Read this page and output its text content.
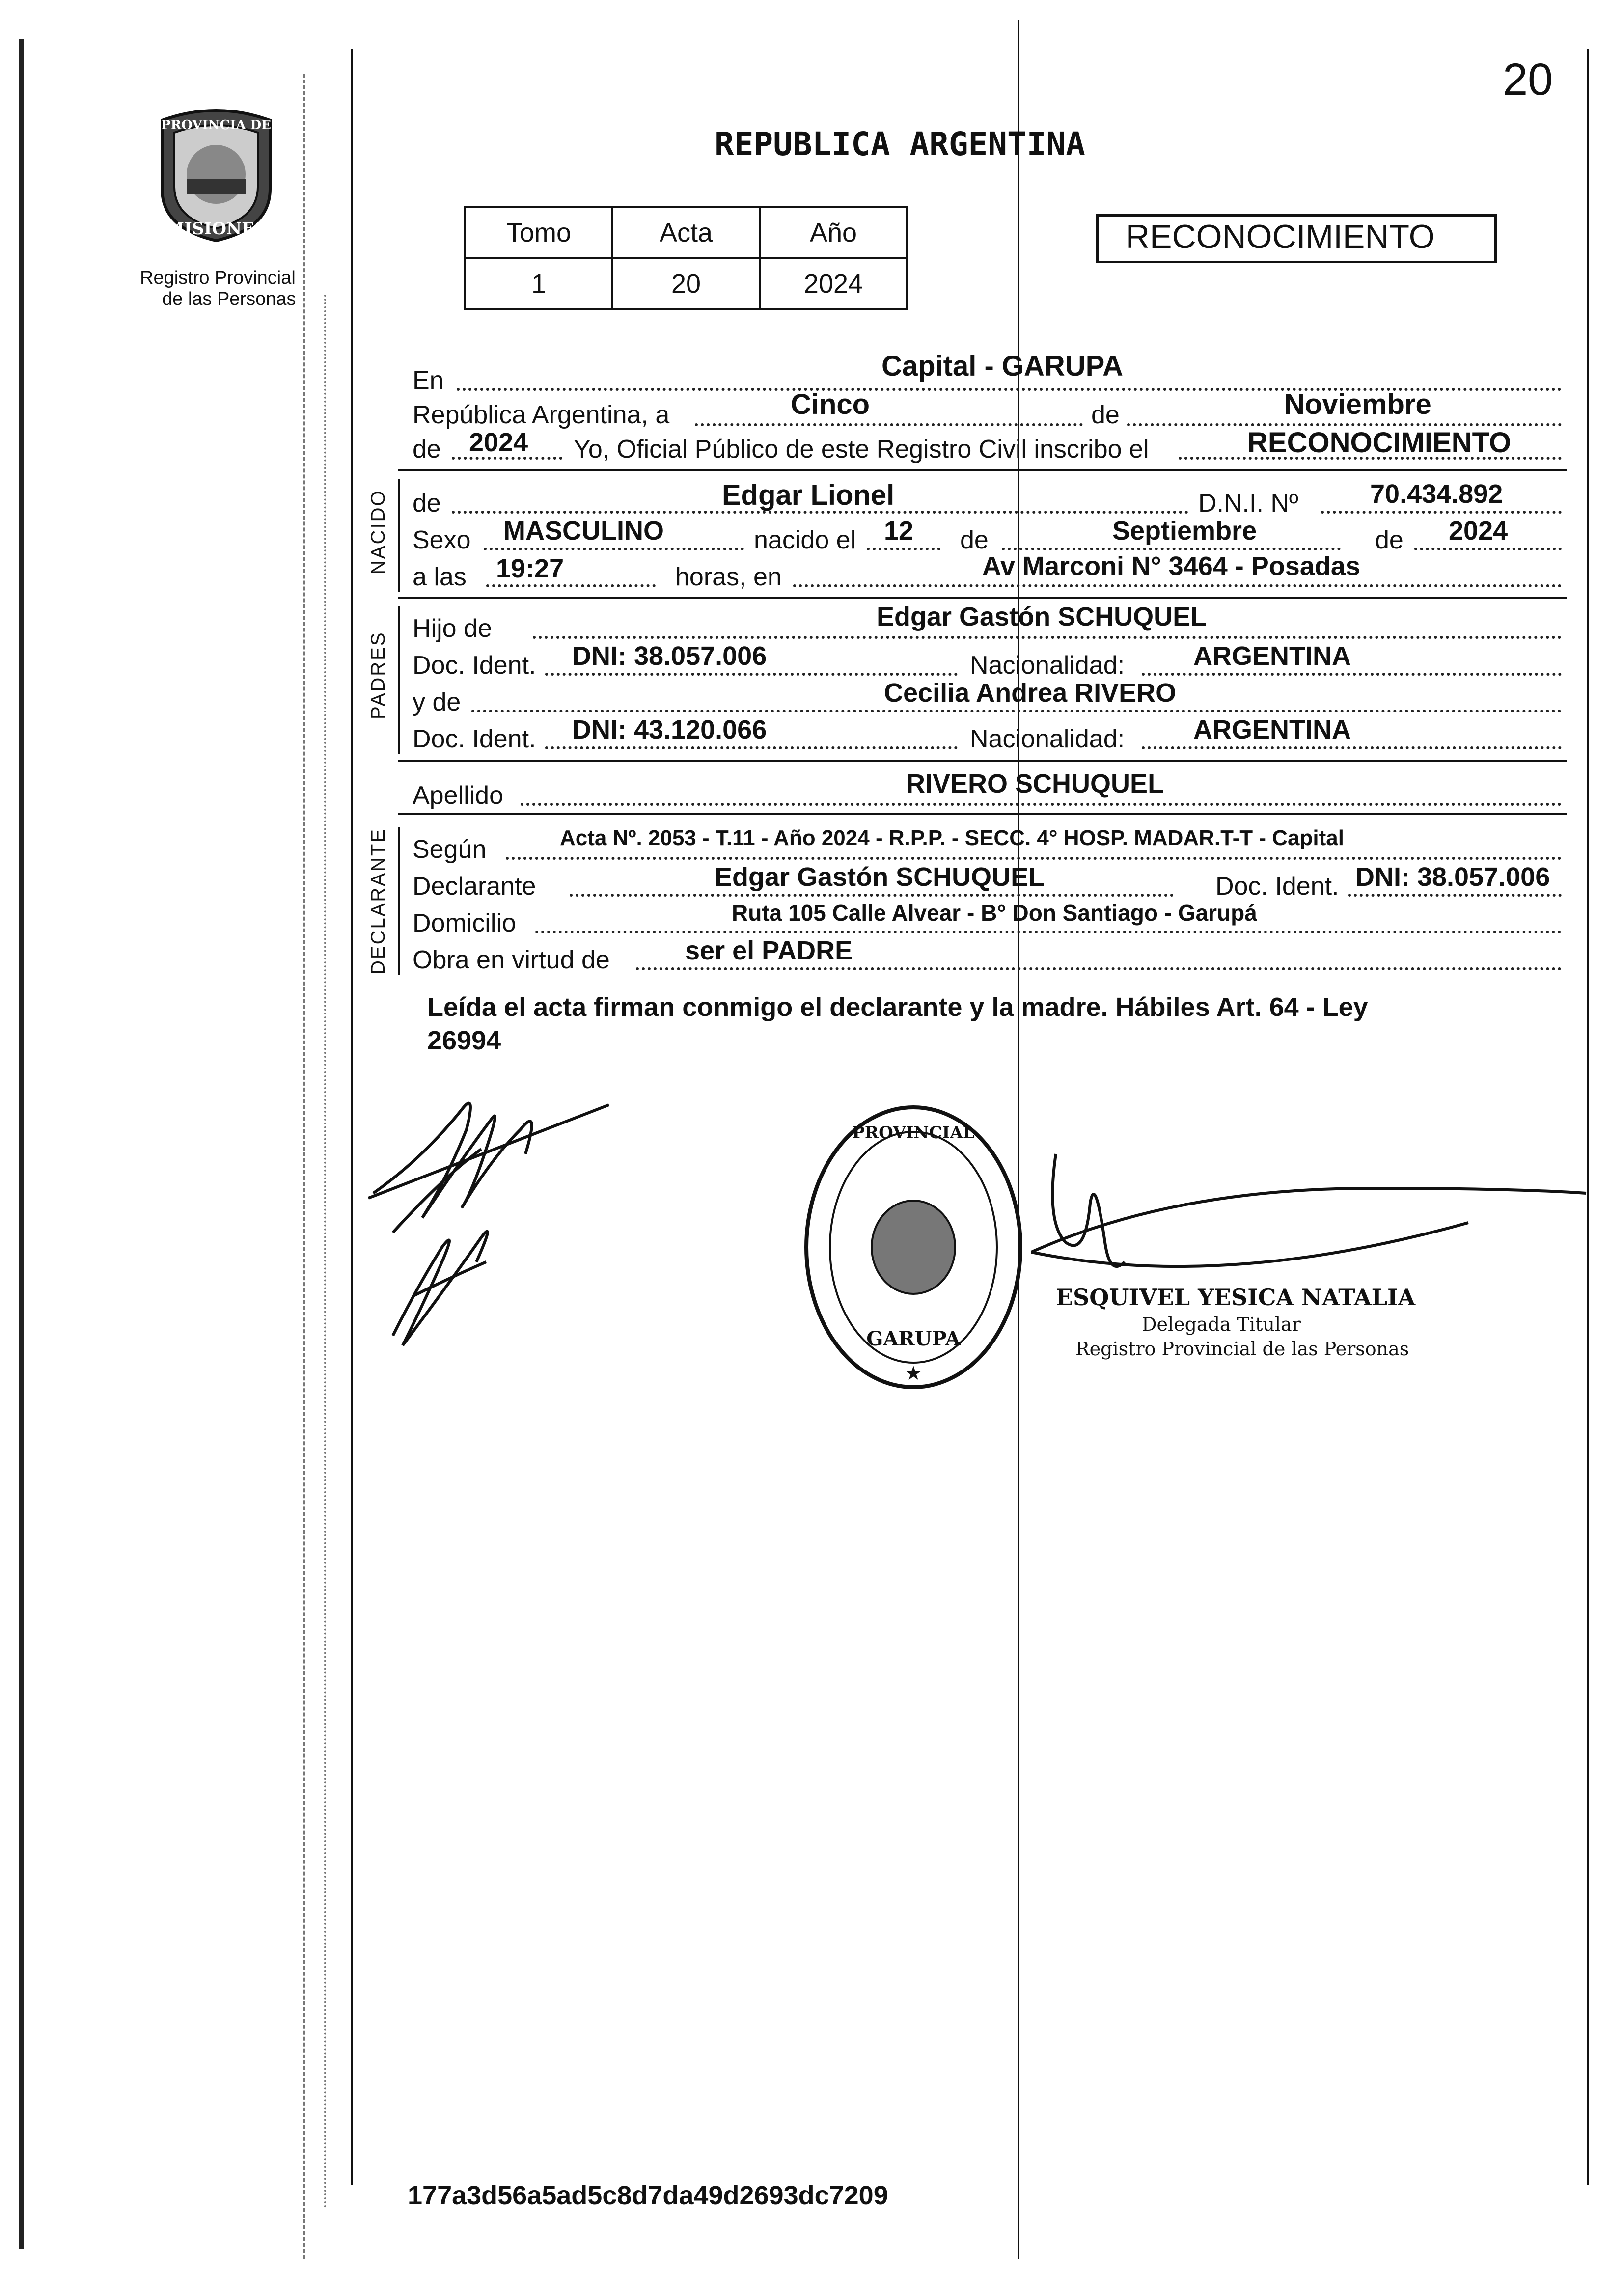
20
PROVINCIA DE
MISIONES
Registro Provincial
de las Personas
REPUBLICA ARGENTINA
Tomo	Acta	Año
1	20	2024
RECONOCIMIENTO
En	Capital - GARUPA
República Argentina, a	Cinco	de	Noviembre
de 2024 Yo, Oficial Público de este Registro Civil inscribo el	RECONOCIMIENTO
NACIDO de	Edgar Lionel	D.N.I. Nº	70.434.892
Sexo MASCULINO	nacido el 12 de	Septiembre	de 2024
a las 19:27	horas, en	Av Marconi N° 3464 - Posadas
PADRES
Hijo de	Edgar Gastón SCHUQUEL
Doc. Ident. DNI: 38.057.006	Nacionalidad:	ARGENTINA
y de	Cecilia Andrea RIVERO
Doc. Ident. DNI: 43.120.066	Nacionalidad:	ARGENTINA
Apellido	RIVERO SCHUQUEL
DECLARANTE Según	Acta Nº. 2053 - T.11 - Año 2024 - R.P.P. - SECC. 4° HOSP. MADAR.T-T - Capital
Declarante	Edgar Gastón SCHUQUEL	Doc. Ident. DNI: 38.057.006
Domicilio	Ruta 105 Calle Alvear - B° Don Santiago - Garupá
Obra en virtud de	ser el PADRE
Leída el acta firman conmigo el declarante y la madre. Hábiles Art. 64 - Ley
26994
PROVINCIAL
GARUPA
★
ESQUIVEL YESICA NATALIA
Delegada Titular
Registro Provincial de las Personas
177a3d56a5ad5c8d7da49d2693dc7209
